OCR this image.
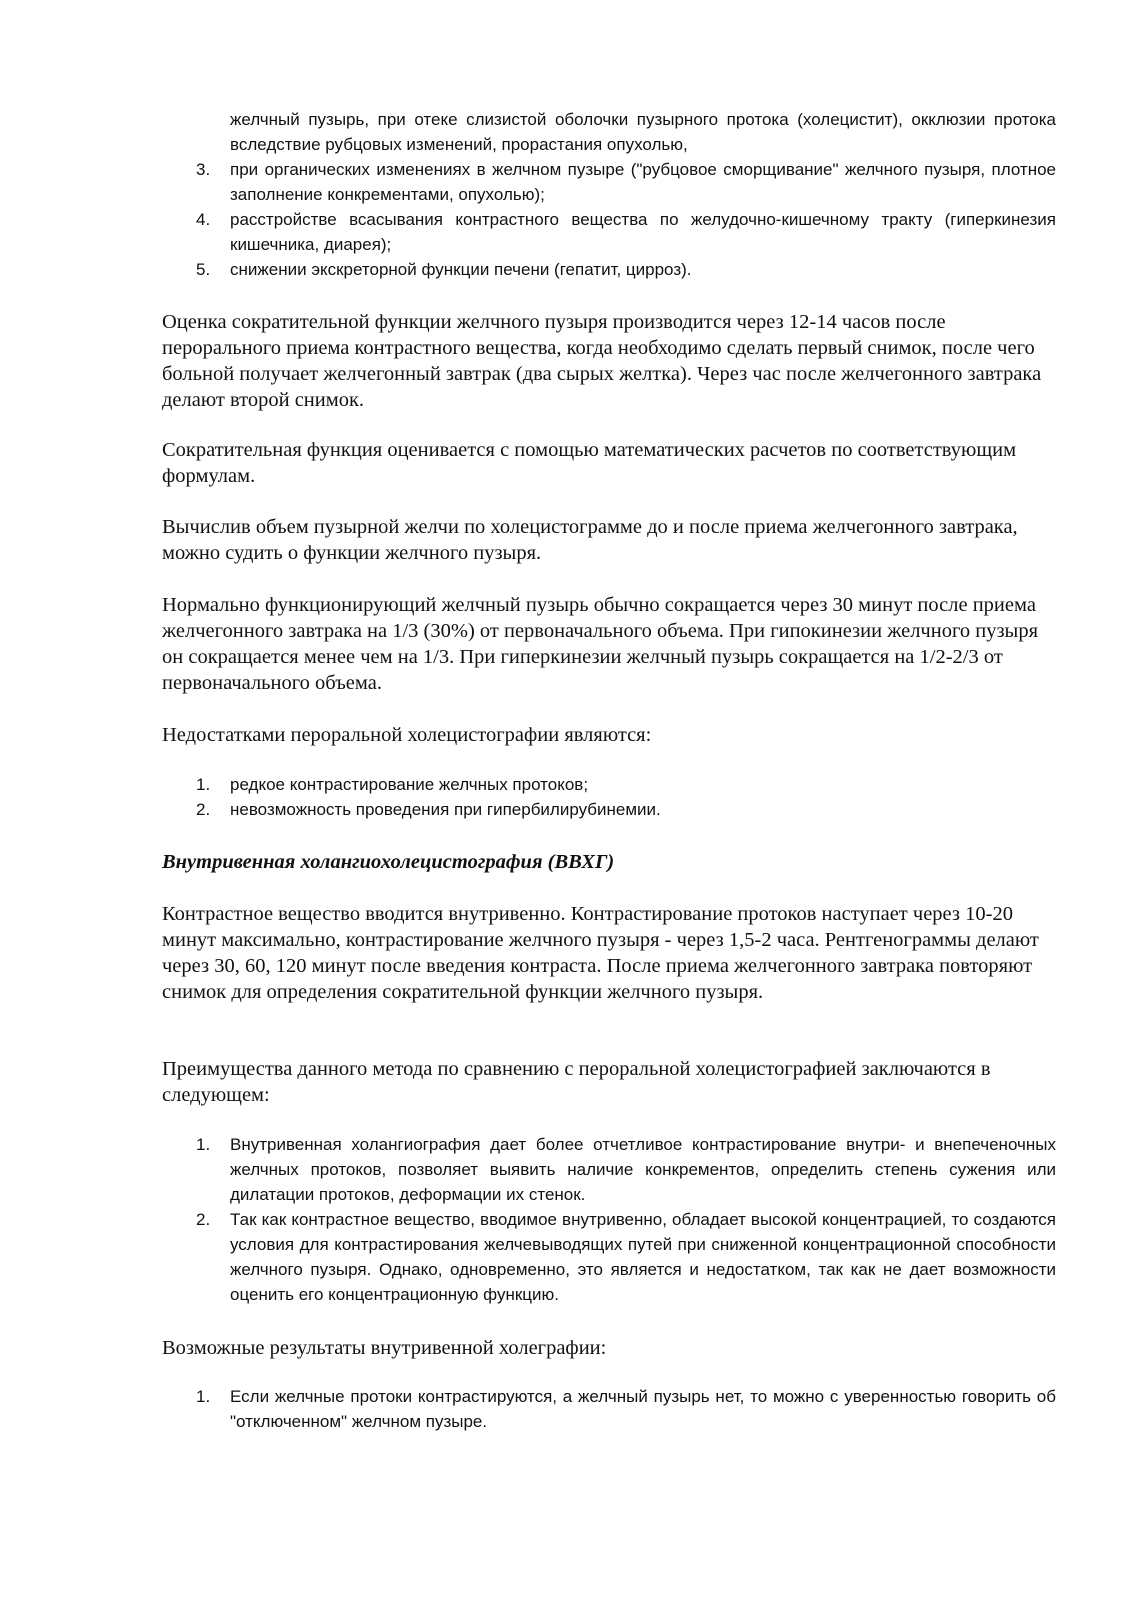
желчный пузырь, при отеке слизистой оболочки пузырного протока (холецистит), окклюзии протока вследствие рубцовых изменений, прорастания опухолью,
3. при органических изменениях в желчном пузыре ("рубцовое сморщивание" желчного пузыря, плотное заполнение конкрементами, опухолью);
4. расстройстве всасывания контрастного вещества по желудочно-кишечному тракту (гиперкинезия кишечника, диарея);
5. снижении экскреторной функции печени (гепатит, цирроз).

Оценка сократительной функции желчного пузыря производится через 12-14 часов после перорального приема контрастного вещества, когда необходимо сделать первый снимок, после чего больной получает желчегонный завтрак (два сырых желтка). Через час после желчегонного завтрака делают второй снимок.

Сократительная функция оценивается с помощью математических расчетов по соответствующим формулам.

Вычислив объем пузырной желчи по холецистограмме до и после приема желчегонного завтрака, можно судить о функции желчного пузыря.

Нормально функционирующий желчный пузырь обычно сокращается через 30 минут после приема желчегонного завтрака на 1/3 (30%) от первоначального объема. При гипокинезии желчного пузыря он сокращается менее чем на 1/3. При гиперкинезии желчный пузырь сокращается на 1/2-2/3 от первоначального объема.

Недостатками пероральной холецистографии являются:

1. редкое контрастирование желчных протоков;
2. невозможность проведения при гипербилирубинемии.

Внутривенная холангиохолецистография (ВВХГ)

Контрастное вещество вводится внутривенно. Контрастирование протоков наступает через 10-20 минут максимально, контрастирование желчного пузыря - через 1,5-2 часа. Рентгенограммы делают через 30, 60, 120 минут после введения контраста. После приема желчегонного завтрака повторяют снимок для определения сократительной функции желчного пузыря.

Преимущества данного метода по сравнению с пероральной холецистографией заключаются в следующем:

1. Внутривенная холангиография дает более отчетливое контрастирование внутри- и внепеченочных желчных протоков, позволяет выявить наличие конкрементов, определить степень сужения или дилатации протоков, деформации их стенок.
2. Так как контрастное вещество, вводимое внутривенно, обладает высокой концентрацией, то создаются условия для контрастирования желчевыводящих путей при сниженной концентрационной способности желчного пузыря. Однако, одновременно, это является и недостатком, так как не дает возможности оценить его концентрационную функцию.

Возможные результаты внутривенной холеграфии:

1. Если желчные протоки контрастируются, а желчный пузырь нет, то можно с уверенностью говорить об "отключенном" желчном пузыре.
